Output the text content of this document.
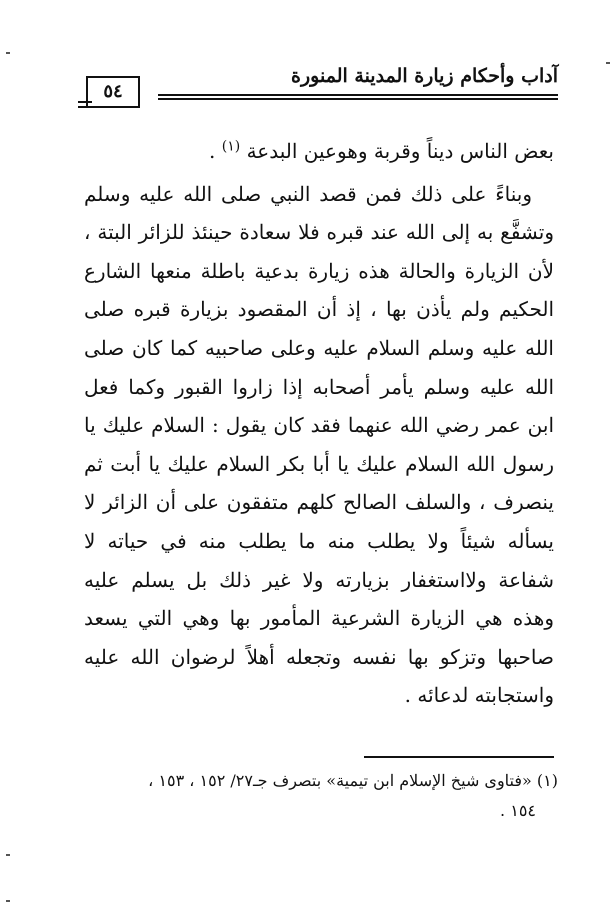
آداب وأحكام زيارة المدينة المنورة
٥٤

بعض الناس ديناً وقربة وهوعين البدعة $^{(١)}$ .

وبناءً على ذلك فمن قصد النبي صلى الله عليه وسلم وتشفَّع به إلى الله عند قبره فلا سعادة حينئذ للزائر البتة ، لأن الزيارة والحالة هذه زيارة بدعية باطلة منعها الشارع الحكيم ولم يأذن بها ، إذ أن المقصود بزيارة قبره صلى الله عليه وسلم السلام عليه وعلى صاحبيه كما كان صلى الله عليه وسلم يأمر أصحابه إذا زاروا القبور وكما فعل ابن عمر رضي الله عنهما فقد كان يقول : السلام عليك يا رسول الله السلام عليك يا أبا بكر السلام عليك يا أبت ثم ينصرف ، والسلف الصالح كلهم متفقون على أن الزائر لا يسأله شيئاً ولا يطلب منه ما يطلب منه في حياته لا شفاعة ولااستغفار بزيارته ولا غير ذلك بل يسلم عليه وهذه هي الزيارة الشرعية المأمور بها وهي التي يسعد صاحبها وتزكو بها نفسه وتجعله أهلاً لرضوان الله عليه واستجابته لدعائه .

(١) «فتاوى شيخ الإسلام ابن تيمية» بتصرف جـ٢٧/ ١٥٢ ، ١٥٣ ،

١٥٤ .
